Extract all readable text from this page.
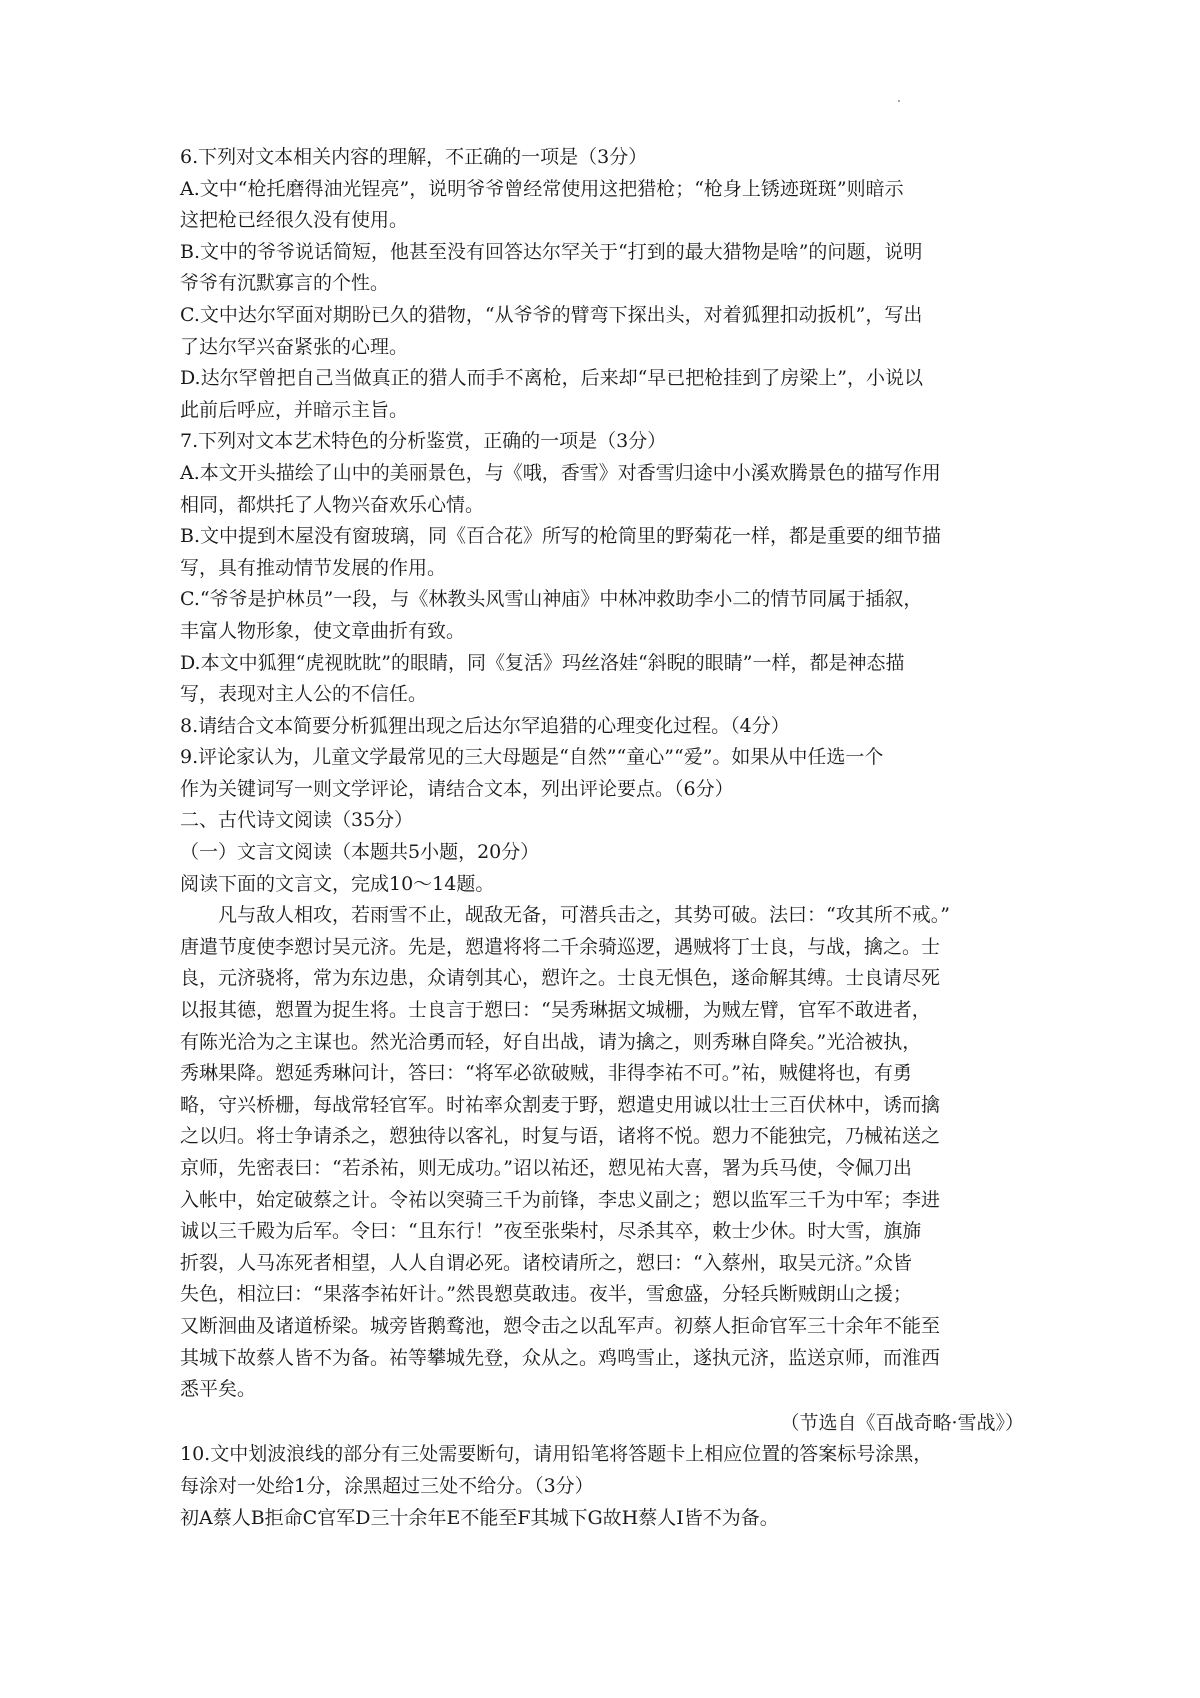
6.下列对文本相关内容的理解，不正确的一项是（3分）
A.文中“枪托磨得油光锃亮”，说明爷爷曾经常使用这把猎枪；“枪身上锈迹斑斑”则暗示
这把枪已经很久没有使用。
B.文中的爷爷说话简短，他甚至没有回答达尔罕关于“打到的最大猎物是啥”的问题，说明
爷爷有沉默寡言的个性。
C.文中达尔罕面对期盼已久的猎物，“从爷爷的臂弯下探出头，对着狐狸扣动扳机”，写出
了达尔罕兴奋紧张的心理。
D.达尔罕曾把自己当做真正的猎人而手不离枪，后来却“早已把枪挂到了房梁上”，小说以
此前后呼应，并暗示主旨。
7.下列对文本艺术特色的分析鉴赏，正确的一项是（3分）
A.本文开头描绘了山中的美丽景色，与《哦，香雪》对香雪归途中小溪欢腾景色的描写作用
相同，都烘托了人物兴奋欢乐心情。
B.文中提到木屋没有窗玻璃，同《百合花》所写的枪筒里的野菊花一样，都是重要的细节描
写，具有推动情节发展的作用。
C.“爷爷是护林员”一段，与《林教头风雪山神庙》中林冲救助李小二的情节同属于插叙，
丰富人物形象，使文章曲折有致。
D.本文中狐狸“虎视眈眈”的眼睛，同《复活》玛丝洛娃“斜睨的眼睛”一样，都是神态描
写，表现对主人公的不信任。
8.请结合文本简要分析狐狸出现之后达尔罕追猎的心理变化过程。（4分）
9.评论家认为，儿童文学最常见的三大母题是“自然”“童心”“爱”。如果从中任选一个
作为关键词写一则文学评论，请结合文本，列出评论要点。（6分）
二、古代诗文阅读（35分）
（一）文言文阅读（本题共5小题，20分）
阅读下面的文言文，完成10～14题。
凡与敌人相攻，若雨雪不止，觇敌无备，可潜兵击之，其势可破。法曰：“攻其所不戒。”
唐遣节度使李愬讨吴元济。先是，愬遣将将二千余骑巡逻，遇贼将丁士良，与战，擒之。士
良，元济骁将，常为东边患，众请刳其心，愬许之。士良无惧色，遂命解其缚。士良请尽死
以报其德，愬置为捉生将。士良言于愬曰：“吴秀琳据文城栅，为贼左臂，官军不敢进者，
有陈光洽为之主谋也。然光洽勇而轻，好自出战，请为擒之，则秀琳自降矣。”光洽被执，
秀琳果降。愬延秀琳问计，答曰：“将军必欲破贼，非得李祐不可。”祐，贼健将也，有勇
略，守兴桥栅，每战常轻官军。时祐率众割麦于野，愬遣史用诚以壮士三百伏林中，诱而擒
之以归。将士争请杀之，愬独待以客礼，时复与语，诸将不悦。愬力不能独完，乃械祐送之
京师，先密表曰：“若杀祐，则无成功。”诏以祐还，愬见祐大喜，署为兵马使，令佩刀出
入帐中，始定破蔡之计。令祐以突骑三千为前锋，李忠义副之；愬以监军三千为中军；李进
诚以三千殿为后军。令曰：“且东行！”夜至张柴村，尽杀其卒，敕士少休。时大雪，旗旆
折裂，人马冻死者相望，人人自谓必死。诸校请所之，愬曰：“入蔡州，取吴元济。”众皆
失色，相泣曰：“果落李祐奸计。”然畏愬莫敢违。夜半，雪愈盛，分轻兵断贼朗山之援；
又断洄曲及诸道桥梁。城旁皆鹅鹜池，愬令击之以乱军声。初蔡人拒命官军三十余年不能至
其城下故蔡人皆不为备。祐等攀城先登，众从之。鸡鸣雪止，遂执元济，监送京师，而淮西
悉平矣。
（节选自《百战奇略·雪战》）
10.文中划波浪线的部分有三处需要断句，请用铅笔将答题卡上相应位置的答案标号涂黑，
每涂对一处给1分，涂黑超过三处不给分。（3分）
初A蔡人B拒命C官军D三十余年E不能至F其城下G故H蔡人I皆不为备。
